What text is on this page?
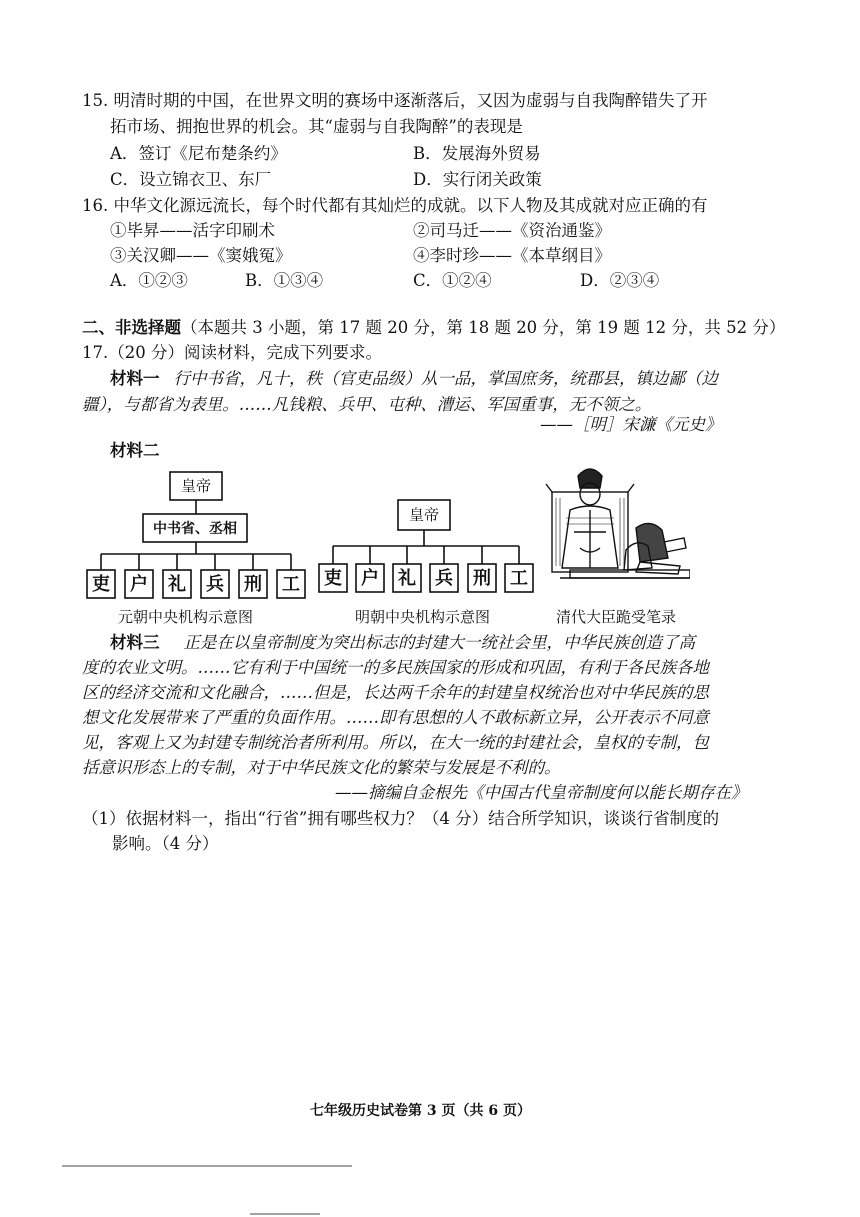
15. 明清时期的中国，在世界文明的赛场中逐渐落后，又因为虚弱与自我陶醉错失了开
拓市场、拥抱世界的机会。其“虚弱与自我陶醉”的表现是
A．签订《尼布楚条约》	B．发展海外贸易
C．设立锦衣卫、东厂	D．实行闭关政策
16. 中华文化源远流长，每个时代都有其灿烂的成就。以下人物及其成就对应正确的有
①毕昇——活字印刷术	②司马迁——《资治通鉴》
③关汉卿——《窦娥冤》	④李时珍——《本草纲目》
A．①②③	B．①③④	C．①②④	D．②③④
二、非选择题（本题共 3 小题，第 17 题 20 分，第 18 题 20 分，第 19 题 12 分，共 52 分）
17.（20 分）阅读材料，完成下列要求。
材料一 行中书省，凡十，秩（官吏品级）从一品，掌国庶务，统郡县，镇边鄙（边
疆），与都省为表里。……凡钱粮、兵甲、屯种、漕运、军国重事，无不领之。
——［明］宋濂《元史》
材料二
皇帝
中书省、丞相
吏 户 礼 兵 刑 工
元朝中央机构示意图
皇帝
吏 户 礼 兵 刑 工
明朝中央机构示意图	清代大臣跪受笔录
材料三 正是在以皇帝制度为突出标志的封建大一统社会里，中华民族创造了高
度的农业文明。……它有利于中国统一的多民族国家的形成和巩固，有利于各民族各地
区的经济交流和文化融合，……但是，长达两千余年的封建皇权统治也对中华民族的思
想文化发展带来了严重的负面作用。……即有思想的人不敢标新立异，公开表示不同意
见，客观上又为封建专制统治者所利用。所以，在大一统的封建社会，皇权的专制，包
括意识形态上的专制，对于中华民族文化的繁荣与发展是不利的。
——摘编自金根先《中国古代皇帝制度何以能长期存在》
（1）依据材料一，指出“行省”拥有哪些权力？（4 分）结合所学知识，谈谈行省制度的
影响。（4 分）
七年级历史试卷第 3 页（共 6 页）
